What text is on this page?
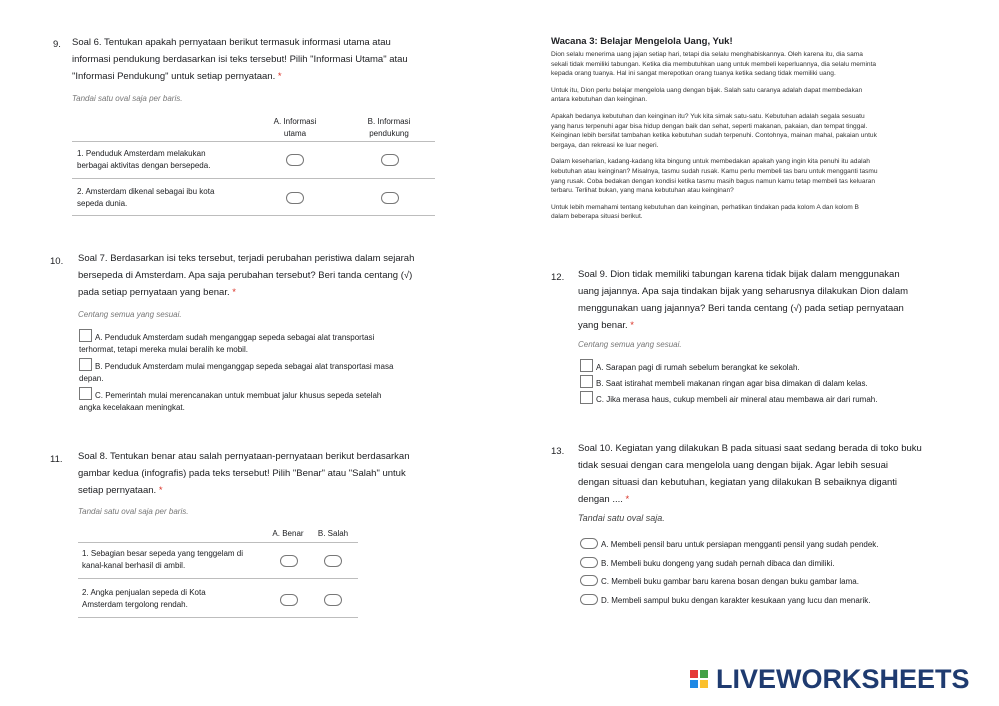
9. Soal 6. Tentukan apakah pernyataan berikut termasuk informasi utama atau
informasi pendukung berdasarkan isi teks tersebut! Pilih "Informasi Utama" atau
"Informasi Pendukung" untuk setiap pernyataan. *
Tandai satu oval saja per baris.
A. Informasi
utama
B. Informasi
pendukung
1. Penduduk Amsterdam melakukan
berbagai aktivitas dengan bersepeda.
2. Amsterdam dikenal sebagai ibu kota
sepeda dunia.
10. Soal 7. Berdasarkan isi teks tersebut, terjadi perubahan peristiwa dalam sejarah
bersepeda di Amsterdam. Apa saja perubahan tersebut? Beri tanda centang (√)
pada setiap pernyataan yang benar. *
Centang semua yang sesuai.
A. Penduduk Amsterdam sudah menganggap sepeda sebagai alat transportasi
terhormat, tetapi mereka mulai beralih ke mobil.
B. Penduduk Amsterdam mulai menganggap sepeda sebagai alat transportasi masa
depan.
C. Pemerintah mulai merencanakan untuk membuat jalur khusus sepeda setelah
angka kecelakaan meningkat.
11. Soal 8. Tentukan benar atau salah pernyataan-pernyataan berikut berdasarkan
gambar kedua (infografis) pada teks tersebut! Pilih "Benar" atau "Salah" untuk
setiap pernyataan. *
Tandai satu oval saja per baris.
A. Benar	B. Salah
1. Sebagian besar sepeda yang tenggelam di
kanal-kanal berhasil di ambil.
2. Angka penjualan sepeda di Kota
Amsterdam tergolong rendah.
Wacana 3: Belajar Mengelola Uang, Yuk!

Dion selalu menerima uang jajan setiap hari, tetapi dia selalu menghabiskannya. Oleh karena itu, dia sama
sekali tidak memiliki tabungan. Ketika dia membutuhkan uang untuk membeli keperluannya, dia selalu meminta
kepada orang tuanya. Hal ini sangat merepotkan orang tuanya ketika sedang tidak memiliki uang.

Untuk itu, Dion perlu belajar mengelola uang dengan bijak. Salah satu caranya adalah dapat membedakan
antara kebutuhan dan keinginan.

Apakah bedanya kebutuhan dan keinginan itu? Yuk kita simak satu-satu. Kebutuhan adalah segala sesuatu
yang harus terpenuhi agar bisa hidup dengan baik dan sehat, seperti makanan, pakaian, dan tempat tinggal.
Keinginan lebih bersifat tambahan ketika kebutuhan sudah terpenuhi. Contohnya, mainan mahal, pakaian untuk
bergaya, dan rekreasi ke luar negeri.

Dalam keseharian, kadang-kadang kita bingung untuk membedakan apakah yang ingin kita penuhi itu adalah
kebutuhan atau keinginan? Misalnya, tasmu sudah rusak. Kamu perlu membeli tas baru untuk mengganti tasmu
yang rusak. Coba bedakan dengan kondisi ketika tasmu masih bagus namun kamu tetap membeli tas keluaran
terbaru. Terlihat bukan, yang mana kebutuhan atau keinginan?

Untuk lebih memahami tentang kebutuhan dan keinginan, perhatikan tindakan pada kolom A dan kolom B
dalam beberapa situasi berikut.

12. Soal 9. Dion tidak memiliki tabungan karena tidak bijak dalam menggunakan
uang jajannya. Apa saja tindakan bijak yang seharusnya dilakukan Dion dalam
menggunakan uang jajannya? Beri tanda centang (√) pada setiap pernyataan
yang benar. *
Centang semua yang sesuai.
A. Sarapan pagi di rumah sebelum berangkat ke sekolah.
B. Saat istirahat membeli makanan ringan agar bisa dimakan di dalam kelas.
C. Jika merasa haus, cukup membeli air mineral atau membawa air dari rumah.
13. Soal 10. Kegiatan yang dilakukan B pada situasi saat sedang berada di toko buku
tidak sesuai dengan cara mengelola uang dengan bijak. Agar lebih sesuai
dengan situasi dan kebutuhan, kegiatan yang dilakukan B sebaiknya diganti
dengan .... *
Tandai satu oval saja.
A. Membeli pensil baru untuk persiapan mengganti pensil yang sudah pendek.
B. Membeli buku dongeng yang sudah pernah dibaca dan dimiliki.
C. Membeli buku gambar baru karena bosan dengan buku gambar lama.
D. Membeli sampul buku dengan karakter kesukaan yang lucu dan menarik.
LIVEWORKSHEETS
